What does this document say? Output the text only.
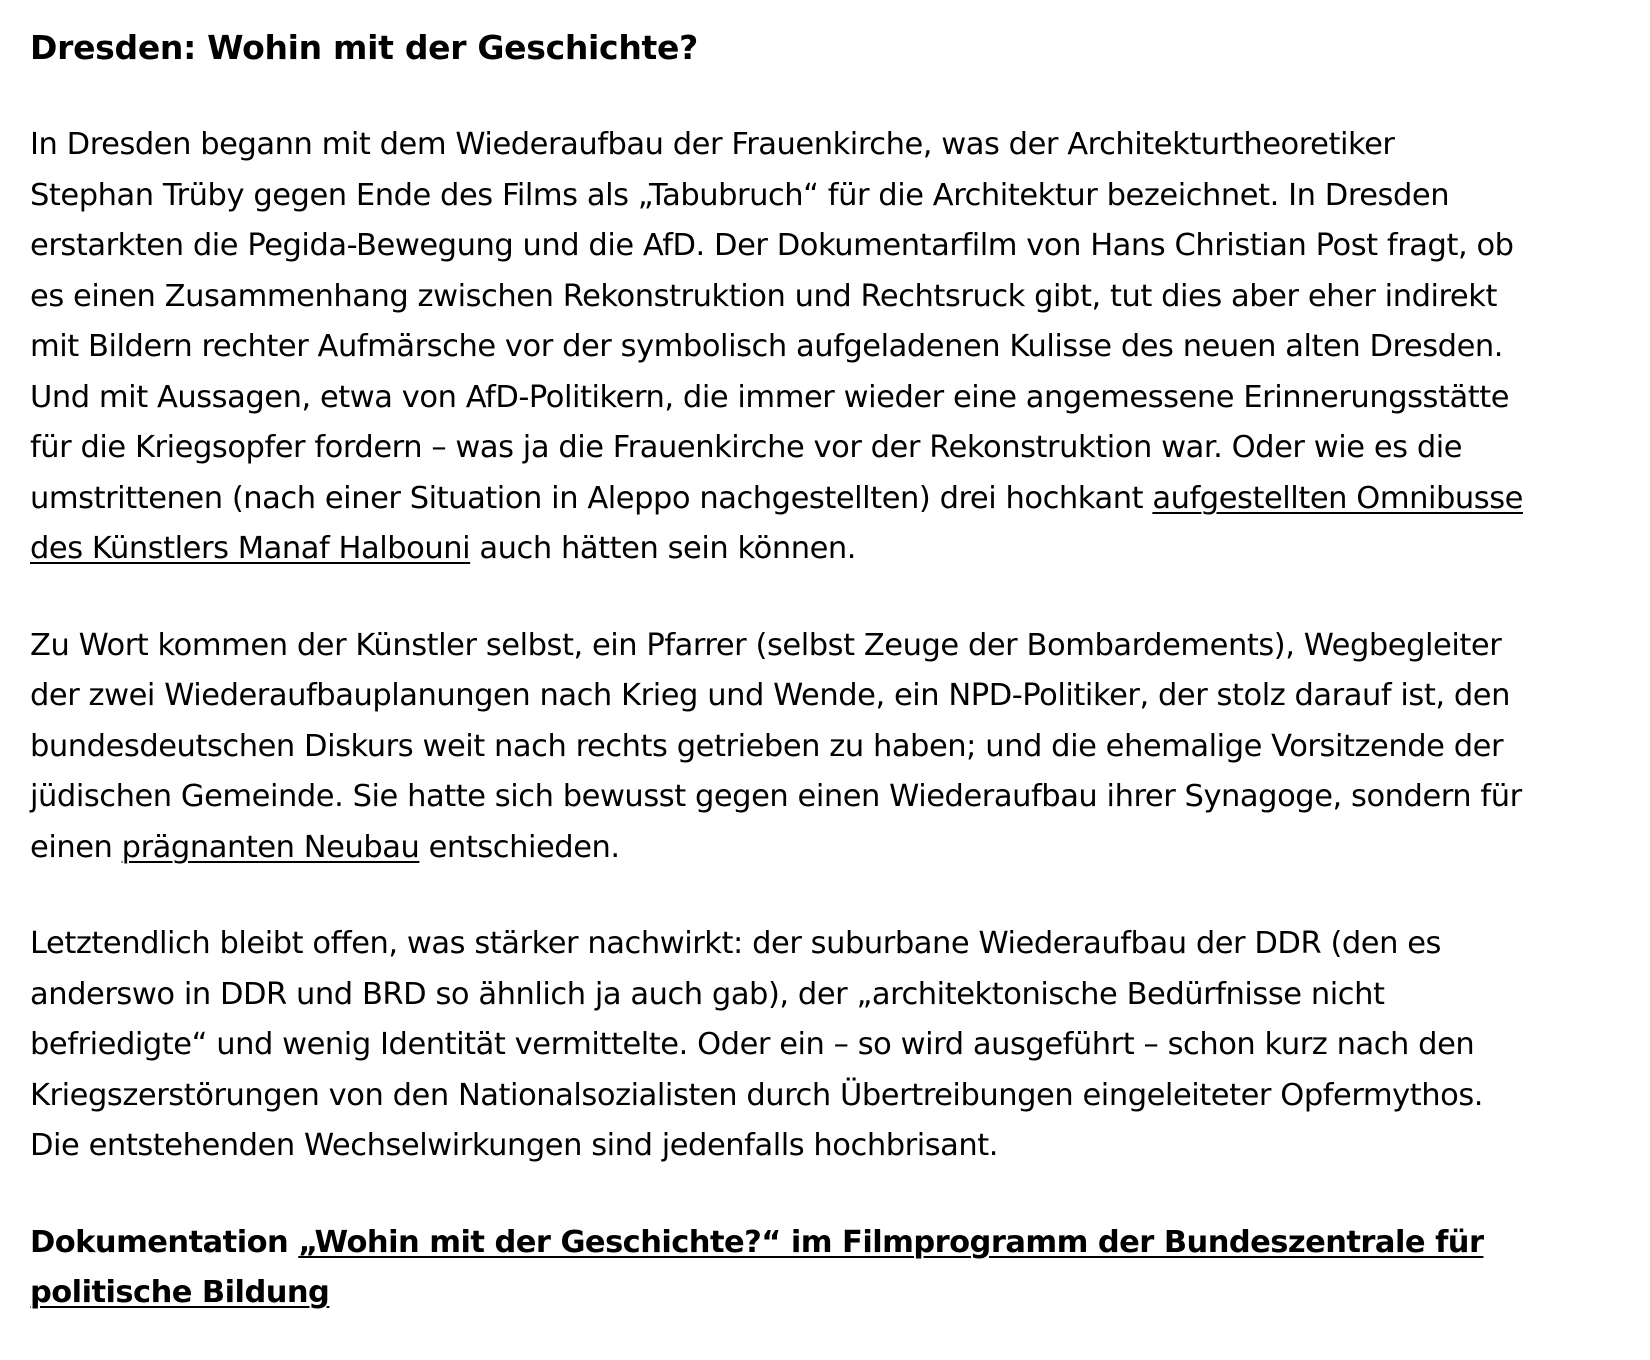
Dresden: Wohin mit der Geschichte?

In Dresden begann mit dem Wiederaufbau der Frauenkirche, was der Architekturtheoretiker
Stephan Trüby gegen Ende des Films als „Tabubruch“ für die Architektur bezeichnet. In Dresden
erstarkten die Pegida-Bewegung und die AfD. Der Dokumentarfilm von Hans Christian Post fragt, ob
es einen Zusammenhang zwischen Rekonstruktion und Rechtsruck gibt, tut dies aber eher indirekt
mit Bildern rechter Aufmärsche vor der symbolisch aufgeladenen Kulisse des neuen alten Dresden.
Und mit Aussagen, etwa von AfD-Politikern, die immer wieder eine angemessene Erinnerungsstätte
für die Kriegsopfer fordern – was ja die Frauenkirche vor der Rekonstruktion war. Oder wie es die
umstrittenen (nach einer Situation in Aleppo nachgestellten) drei hochkant aufgestellten Omnibusse
des Künstlers Manaf Halbouni auch hätten sein können.

Zu Wort kommen der Künstler selbst, ein Pfarrer (selbst Zeuge der Bombardements), Wegbegleiter
der zwei Wiederaufbauplanungen nach Krieg und Wende, ein NPD-Politiker, der stolz darauf ist, den
bundesdeutschen Diskurs weit nach rechts getrieben zu haben; und die ehemalige Vorsitzende der
jüdischen Gemeinde. Sie hatte sich bewusst gegen einen Wiederaufbau ihrer Synagoge, sondern für
einen prägnanten Neubau entschieden.

Letztendlich bleibt offen, was stärker nachwirkt: der suburbane Wiederaufbau der DDR (den es
anderswo in DDR und BRD so ähnlich ja auch gab), der „architektonische Bedürfnisse nicht
befriedigte“ und wenig Identität vermittelte. Oder ein – so wird ausgeführt – schon kurz nach den
Kriegszerstörungen von den Nationalsozialisten durch Übertreibungen eingeleiteter Opfermythos.
Die entstehenden Wechselwirkungen sind jedenfalls hochbrisant.

Dokumentation „Wohin mit der Geschichte?“ im Filmprogramm der Bundeszentrale für
politische Bildung
